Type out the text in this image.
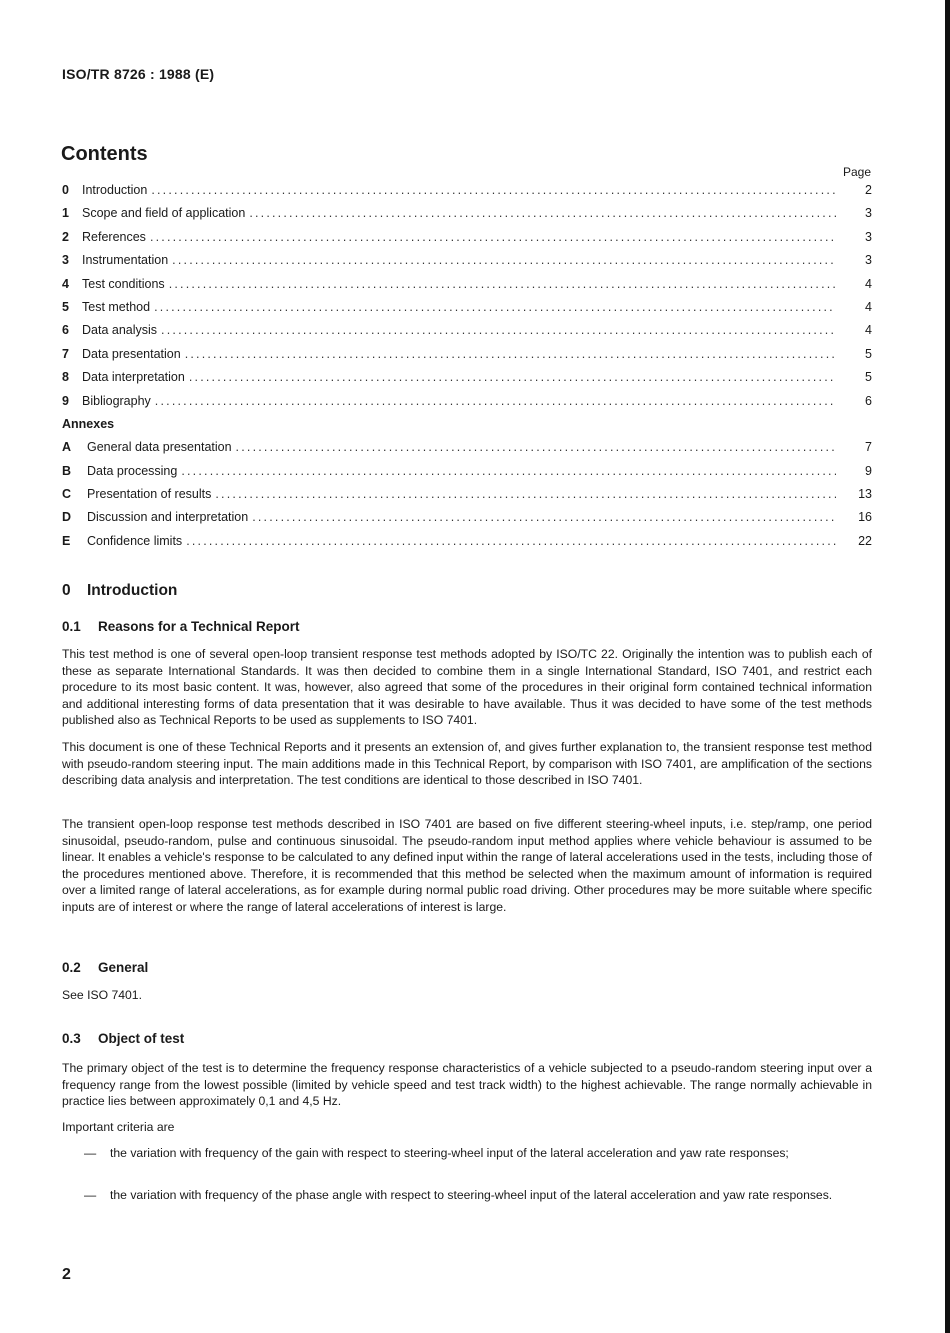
ISO/TR 8726 : 1988 (E)
Contents
Page
0	Introduction .....	2
1	Scope and field of application .....	3
2	References .....	3
3	Instrumentation .....	3
4	Test conditions .....	4
5	Test method .....	4
6	Data analysis .....	4
7	Data presentation .....	5
8	Data interpretation .....	5
9	Bibliography .....	6
Annexes
A	General data presentation .....	7
B	Data processing .....	9
C	Presentation of results .....	13
D	Discussion and interpretation .....	16
E	Confidence limits .....	22
0 Introduction
0.1 Reasons for a Technical Report
This test method is one of several open-loop transient response test methods adopted by ISO/TC 22. Originally the intention was to publish each of these as separate International Standards. It was then decided to combine them in a single International Standard, ISO 7401, and restrict each procedure to its most basic content. It was, however, also agreed that some of the procedures in their original form contained technical information and additional interesting forms of data presentation that it was desirable to have available. Thus it was decided to have some of the test methods published also as Technical Reports to be used as supplements to ISO 7401.
This document is one of these Technical Reports and it presents an extension of, and gives further explanation to, the transient response test method with pseudo-random steering input. The main additions made in this Technical Report, by comparison with ISO 7401, are amplification of the sections describing data analysis and interpretation. The test conditions are identical to those described in ISO 7401.
The transient open-loop response test methods described in ISO 7401 are based on five different steering-wheel inputs, i.e. step/ramp, one period sinusoidal, pseudo-random, pulse and continuous sinusoidal. The pseudo-random input method applies where vehicle behaviour is assumed to be linear. It enables a vehicle's response to be calculated to any defined input within the range of lateral accelerations used in the tests, including those of the procedures mentioned above. Therefore, it is recommended that this method be selected when the maximum amount of information is required over a limited range of lateral accelerations, as for example during normal public road driving. Other procedures may be more suitable where specific inputs are of interest or where the range of lateral accelerations of interest is large.
0.2 General
See ISO 7401.
0.3 Object of test
The primary object of the test is to determine the frequency response characteristics of a vehicle subjected to a pseudo-random steering input over a frequency range from the lowest possible (limited by vehicle speed and test track width) to the highest achievable. The range normally achievable in practice lies between approximately 0,1 and 4,5 Hz.
Important criteria are
— the variation with frequency of the gain with respect to steering-wheel input of the lateral acceleration and yaw rate responses;
— the variation with frequency of the phase angle with respect to steering-wheel input of the lateral acceleration and yaw rate responses.
2
